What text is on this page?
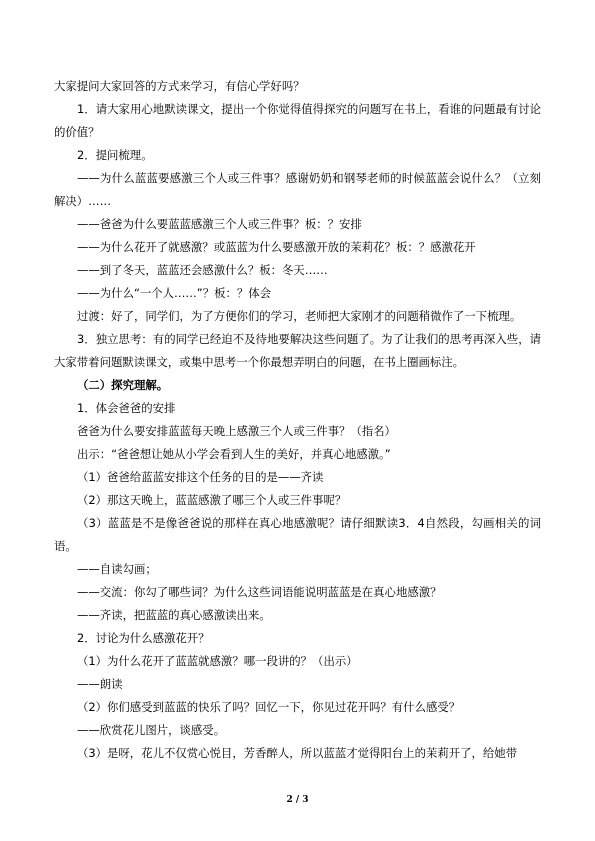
大家提问大家回答的方式来学习，有信心学好吗？

1．请大家用心地默读课文，提出一个你觉得值得探究的问题写在书上，看谁的问题最有讨论的价值？

2．提问梳理。

——为什么蓝蓝要感激三个人或三件事？感谢奶奶和钢琴老师的时候蓝蓝会说什么？（立刻解决）……

——爸爸为什么要蓝蓝感激三个人或三件事？板：？安排

——为什么花开了就感激？或蓝蓝为什么要感激开放的茉莉花？板：？感激花开

——到了冬天，蓝蓝还会感激什么？板：冬天……

——为什么“一个人……”？板：？体会

过渡：好了，同学们，为了方便你们的学习，老师把大家刚才的问题稍微作了一下梳理。

3．独立思考：有的同学已经迫不及待地要解决这些问题了。为了让我们的思考再深入些，请大家带着问题默读课文，或集中思考一个你最想弄明白的问题，在书上圈画标注。

（二）探究理解。

1．体会爸爸的安排

爸爸为什么要安排蓝蓝每天晚上感激三个人或三件事？（指名）

出示：“爸爸想让她从小学会看到人生的美好，并真心地感激。”

（1）爸爸给蓝蓝安排这个任务的目的是——齐读

（2）那这天晚上，蓝蓝感激了哪三个人或三件事呢？

（3）蓝蓝是不是像爸爸说的那样在真心地感激呢？请仔细默读3．4自然段，勾画相关的词语。

——自读勾画；

——交流：你勾了哪些词？为什么这些词语能说明蓝蓝是在真心地感激？

——齐读，把蓝蓝的真心感激读出来。

2．讨论为什么感激花开？

（1）为什么花开了蓝蓝就感激？哪一段讲的？（出示）

——朗读

（2）你们感受到蓝蓝的快乐了吗？回忆一下，你见过花开吗？有什么感受？

——欣赏花儿图片，谈感受。

（3）是呀，花儿不仅赏心悦目，芳香醉人，所以蓝蓝才觉得阳台上的茉莉开了，给她带

2 / 3
